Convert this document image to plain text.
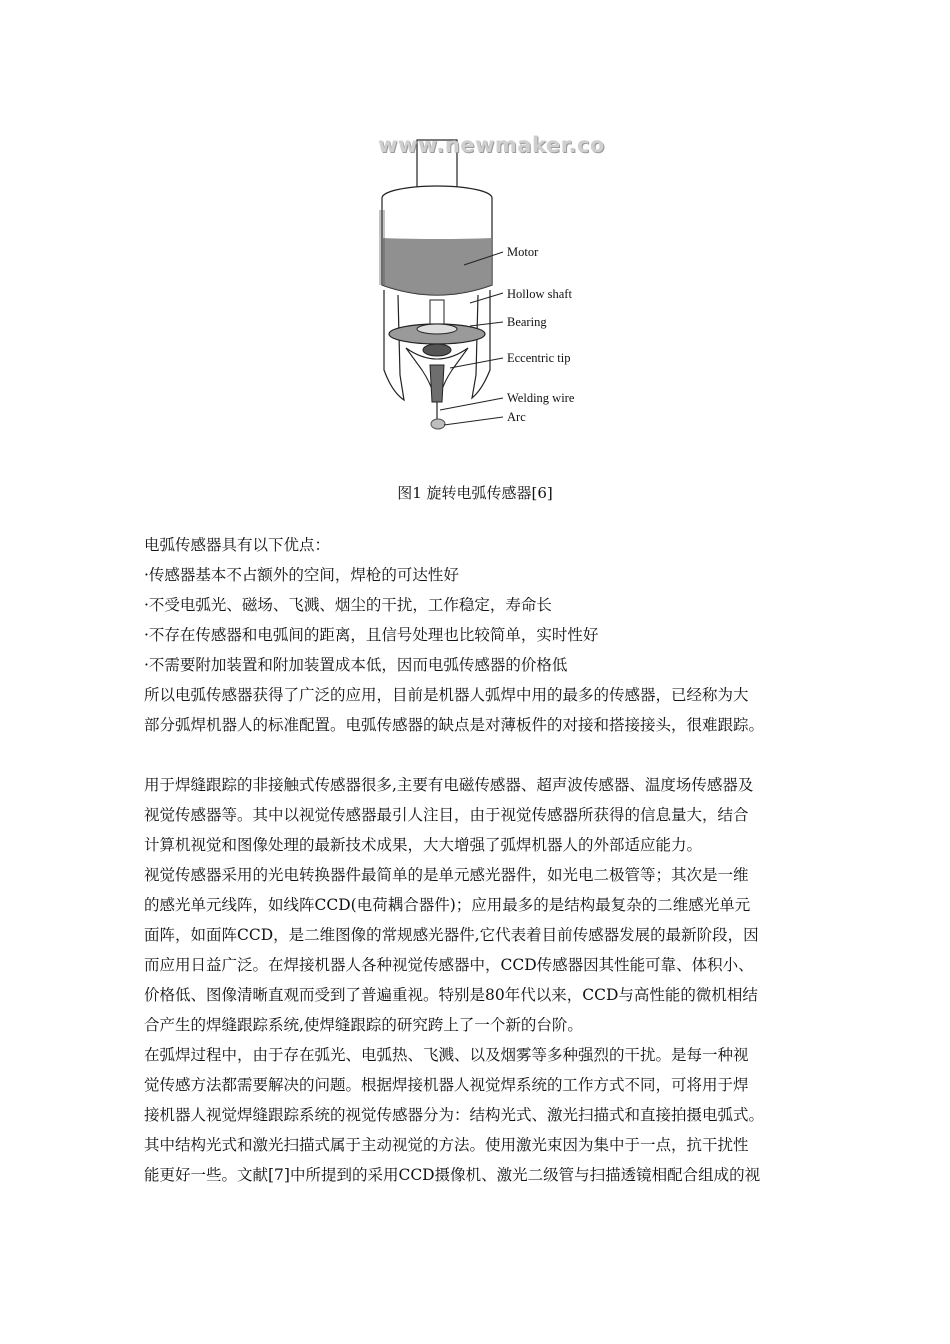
Motor
Hollow shaft
Bearing
Eccentric tip
Welding wire
Arc
www.newmaker.co
图1 旋转电弧传感器[6]
电弧传感器具有以下优点：
·传感器基本不占额外的空间，焊枪的可达性好
·不受电弧光、磁场、飞溅、烟尘的干扰，工作稳定，寿命长
·不存在传感器和电弧间的距离，且信号处理也比较简单，实时性好
·不需要附加装置和附加装置成本低，因而电弧传感器的价格低
所以电弧传感器获得了广泛的应用，目前是机器人弧焊中用的最多的传感器，已经称为大
部分弧焊机器人的标准配置。电弧传感器的缺点是对薄板件的对接和搭接接头，很难跟踪。
用于焊缝跟踪的非接触式传感器很多,主要有电磁传感器、超声波传感器、温度场传感器及
视觉传感器等。其中以视觉传感器最引人注目，由于视觉传感器所获得的信息量大，结合
计算机视觉和图像处理的最新技术成果，大大增强了弧焊机器人的外部适应能力。
视觉传感器采用的光电转换器件最简单的是单元感光器件，如光电二极管等；其次是一维
的感光单元线阵，如线阵CCD(电荷耦合器件)；应用最多的是结构最复杂的二维感光单元
面阵，如面阵CCD，是二维图像的常规感光器件,它代表着目前传感器发展的最新阶段，因
而应用日益广泛。在焊接机器人各种视觉传感器中，CCD传感器因其性能可靠、体积小、
价格低、图像清晰直观而受到了普遍重视。特别是80年代以来，CCD与高性能的微机相结
合产生的焊缝跟踪系统,使焊缝跟踪的研究跨上了一个新的台阶。
在弧焊过程中，由于存在弧光、电弧热、飞溅、以及烟雾等多种强烈的干扰。是每一种视
觉传感方法都需要解决的问题。根据焊接机器人视觉焊系统的工作方式不同，可将用于焊
接机器人视觉焊缝跟踪系统的视觉传感器分为：结构光式、激光扫描式和直接拍摄电弧式。
其中结构光式和激光扫描式属于主动视觉的方法。使用激光束因为集中于一点，抗干扰性
能更好一些。文献[7]中所提到的采用CCD摄像机、激光二级管与扫描透镜相配合组成的视
